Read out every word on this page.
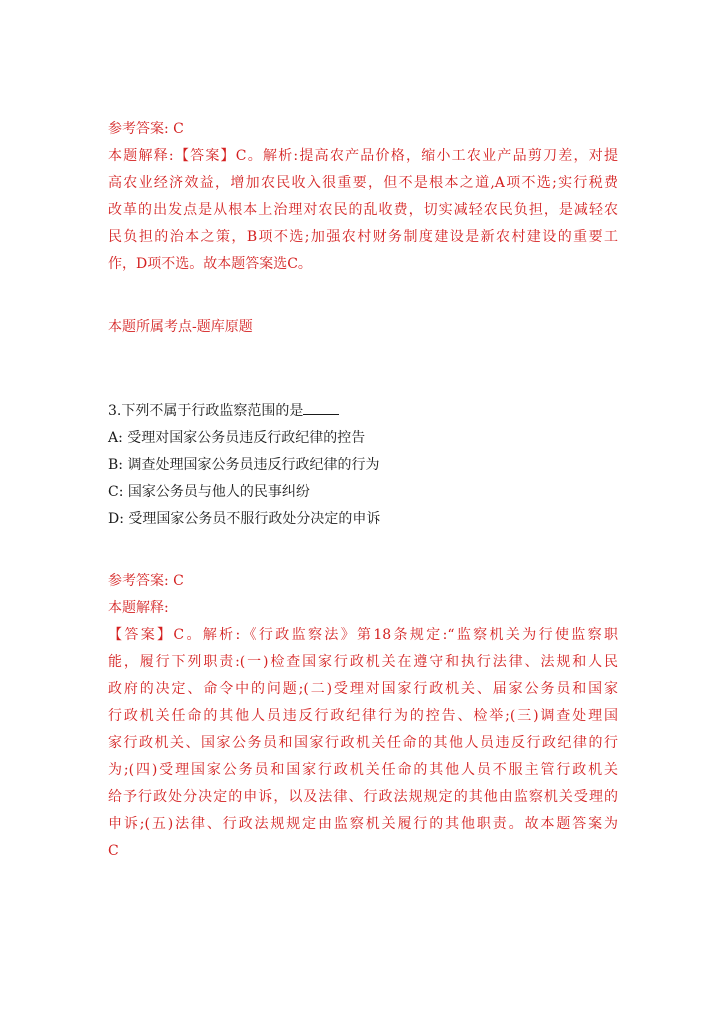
参考答案: C

本题解释:【答案】C。解析:提高农产品价格，缩小工农业产品剪刀差，对提

高农业经济效益，增加农民收入很重要，但不是根本之道,A项不选;实行税费

改革的出发点是从根本上治理对农民的乱收费，切实减轻农民负担，是减轻农

民负担的治本之策，B项不选;加强农村财务制度建设是新农村建设的重要工

作，D项不选。故本题答案选C。

本题所属考点-题库原题

3.下列不属于行政监察范围的是

A: 受理对国家公务员违反行政纪律的控告

B: 调查处理国家公务员违反行政纪律的行为

C: 国家公务员与他人的民事纠纷

D: 受理国家公务员不服行政处分决定的申诉

参考答案: C

本题解释:

【答案】C。解析:《行政监察法》第18条规定:“监察机关为行使监察职

能，履行下列职责:(一)检查国家行政机关在遵守和执行法律、法规和人民

政府的决定、命令中的问题;(二)受理对国家行政机关、届家公务员和国家

行政机关任命的其他人员违反行政纪律行为的控告、检举;(三)调查处理国

家行政机关、国家公务员和国家行政机关任命的其他人员违反行政纪律的行

为;(四)受理国家公务员和国家行政机关任命的其他人员不服主管行政机关

给予行政处分决定的申诉，以及法律、行政法规规定的其他由监察机关受理的

申诉;(五)法律、行政法规规定由监察机关履行的其他职责。故本题答案为

C
